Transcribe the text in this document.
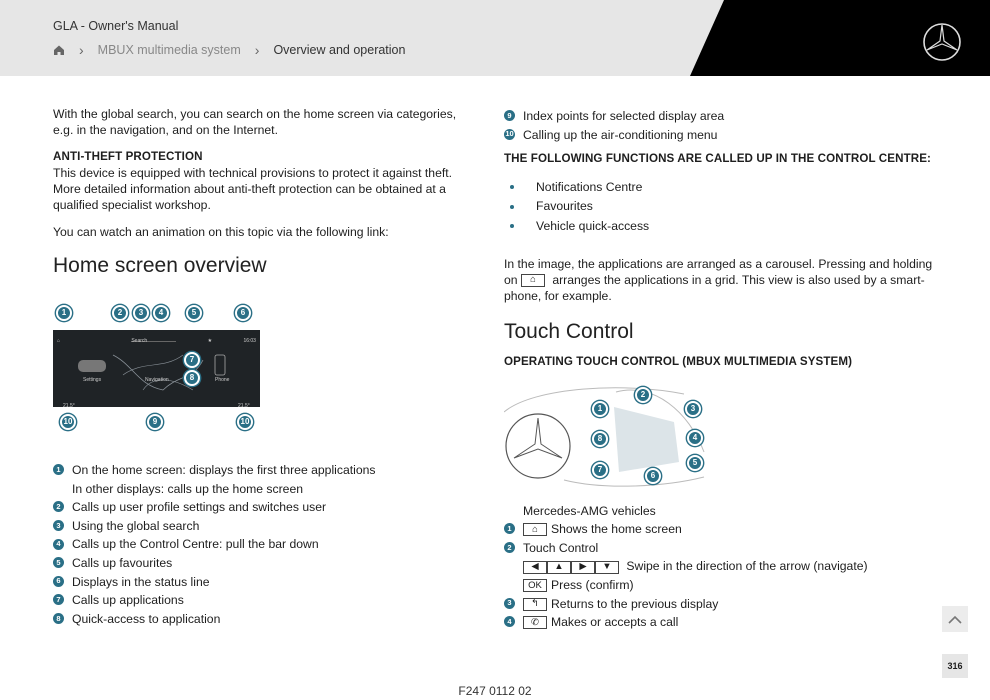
GLA - Owner's Manual
› MBUX multimedia system › Overview and operation

With the global search, you can search on the home screen via categories, e.g. in the navigation, and on the Internet.

ANTI-THEFT PROTECTION

This device is equipped with technical provisions to protect it against theft. More detailed information about anti-theft protection can be obtained at a qualified specialist workshop.

You can watch an animation on this topic via the following link:

Home screen overview
1	2	3	4	5	6
⌂	Search	★	16:03
Settings	Navigation	Phone
21.5°	21.5°
7
8
10	9	10
1 On the home screen: displays the first three applications
In other displays: calls up the home screen
2 Calls up user profile settings and switches user
3 Using the global search
4 Calls up the Control Centre: pull the bar down
5 Calls up favourites
6 Displays in the status line
7 Calls up applications
8 Quick-access to application
9 Index points for selected display area
10 Calling up the air-conditioning menu
THE FOLLOWING FUNCTIONS ARE CALLED UP IN THE CONTROL CENTRE:
Notifications Centre
Favourites
Vehicle quick-access

In the image, the applications are arranged as a carousel. Pressing and holding on ⌂ arranges the applications in a grid. This view is also used by a smart-phone, for example.

Touch Control
OPERATING TOUCH CONTROL (MBUX MULTIMEDIA SYSTEM)
1
2
3
8	4
5
7
6
Mercedes-AMG vehicles
1 ⌂ Shows the home screen
2 Touch Control
◀ ▲ ▶ ▼ Swipe in the direction of the arrow (navigate)
OK Press (confirm)
3 ↰ Returns to the previous display
4 ✆ Makes or accepts a call
316
F247 0112 02
